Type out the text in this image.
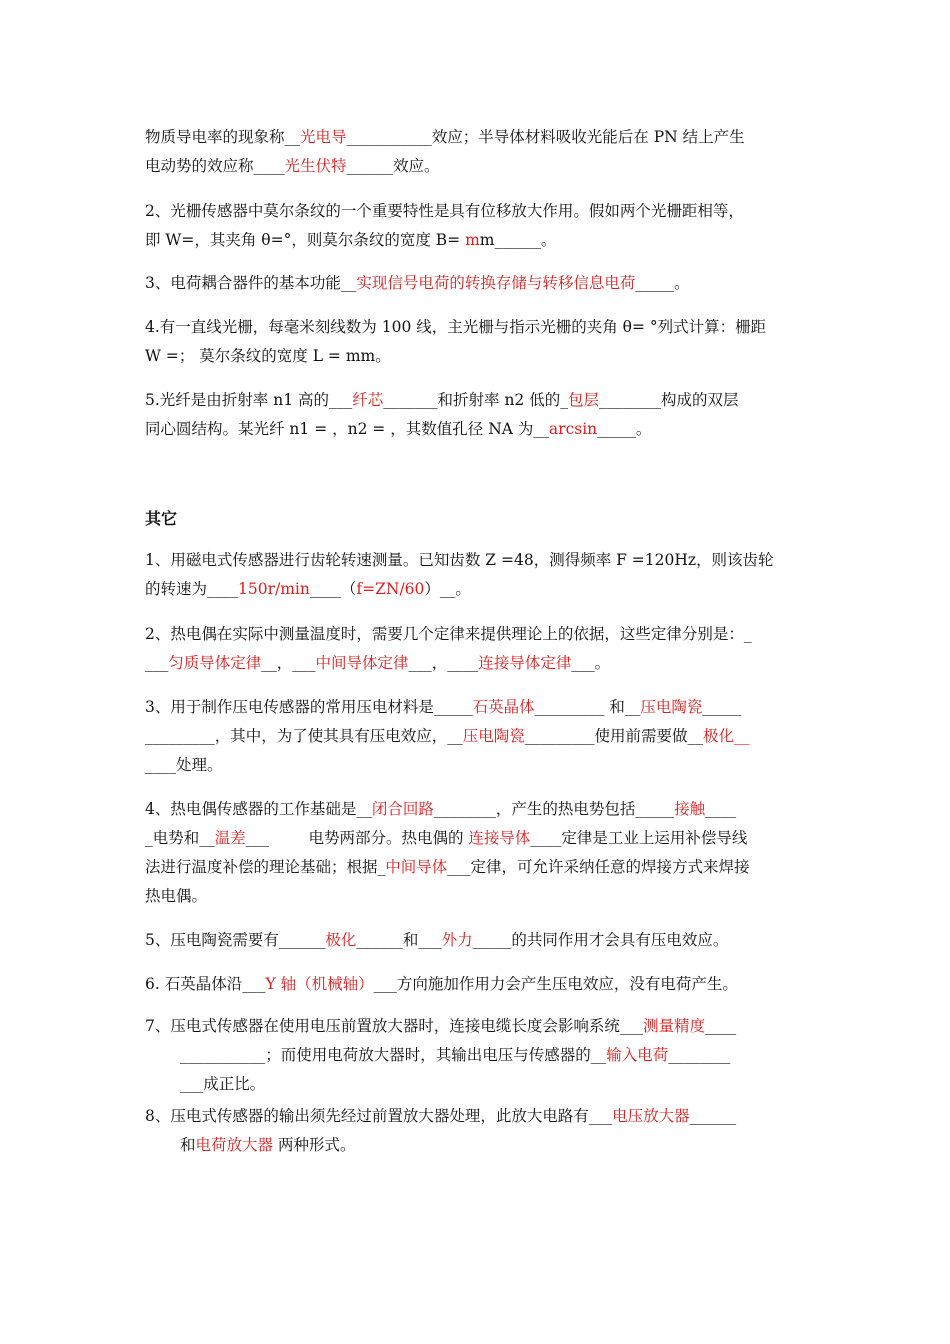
物质导电率的现象称__光电导___________效应；半导体材料吸收光能后在 PN 结上产生
电动势的效应称____光生伏特______效应。

2、光栅传感器中莫尔条纹的一个重要特性是具有位移放大作用。假如两个光栅距相等，
即 W=，其夹角 θ=°，则莫尔条纹的宽度 B= mm______。

3、电荷耦合器件的基本功能__实现信号电荷的转换存储与转移信息电荷_____。

4.有一直线光栅，每毫米刻线数为 100 线，主光栅与指示光栅的夹角 θ= °列式计算：栅距
W =； 莫尔条纹的宽度 L = mm。

5.光纤是由折射率 n1 高的___纤芯_______和折射率 n2 低的_包层________构成的双层
同心圆结构。某光纤 n1 = ，n2 = ，其数值孔径 NA 为__arcsin_____。

其它

1、用磁电式传感器进行齿轮转速测量。已知齿数 Z =48，测得频率 F =120Hz，则该齿轮
的转速为____150r/min____（f=ZN/60）__。

2、热电偶在实际中测量温度时，需要几个定律来提供理论上的依据，这些定律分别是：_
___匀质导体定律__，___中间导体定律___，____连接导体定律___。

3、用于制作压电传感器的常用压电材料是_____石英晶体_________ 和__压电陶瓷_____
_________，其中，为了使其具有压电效应，__压电陶瓷_________使用前需要做__极化__
____处理。

4、热电偶传感器的工作基础是__闭合回路________，产生的热电势包括_____接触____
_电势和__温差___        电势两部分。热电偶的 连接导体____定律是工业上运用补偿导线
法进行温度补偿的理论基础；根据_中间导体___定律，可允许采纳任意的焊接方式来焊接
热电偶。

5、压电陶瓷需要有______极化______和___外力_____的共同作用才会具有压电效应。

6. 石英晶体沿___Y 轴（机械轴）___方向施加作用力会产生压电效应，没有电荷产生。

7、压电式传感器在使用电压前置放大器时，连接电缆长度会影响系统___测量精度____
___________；而使用电荷放大器时，其输出电压与传感器的__输入电荷________
___成正比。

8、压电式传感器的输出须先经过前置放大器处理，此放大电路有___电压放大器______
和电荷放大器 两种形式。
